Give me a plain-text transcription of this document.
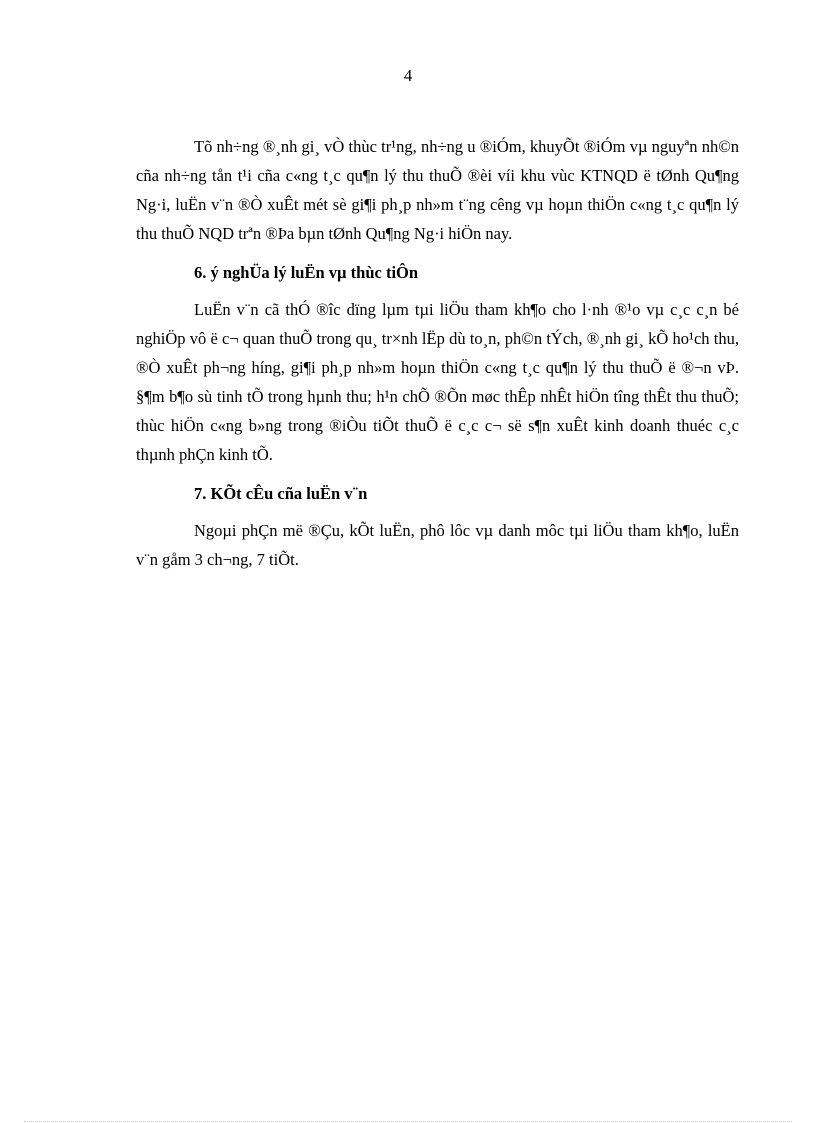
4

Tõ nh÷ng ®¸nh gi¸ vÒ thùc tr¹ng, nh÷ng u ®iÓm, khuyÕt ®iÓm vµ nguyªn nh©n cña nh÷ng tån t¹i cña c«ng t¸c qu¶n lý thu thuÕ ®èi víi khu vùc KTNQD ë tØnh Qu¶ng Ng·i, luËn v¨n ®Ò xuÊt mét sè gi¶i ph¸p nh»m t¨ng cêng vµ hoµn thiÖn c«ng t¸c qu¶n lý thu thuÕ NQD trªn ®Þa bµn tØnh Qu¶ng Ng·i hiÖn nay.

6. ý nghÜa lý luËn vµ thùc tiÔn

LuËn v¨n cã thÓ ®îc dïng lµm tµi liÖu tham kh¶o cho l·nh ®¹o vµ c¸c c¸n bé nghiÖp vô ë c¬ quan thuÕ trong qu¸ tr×nh lËp dù to¸n, ph©n tÝch, ®¸nh gi¸ kÕ ho¹ch thu, ®Ò xuÊt ph¬ng híng, gi¶i ph¸p nh»m hoµn thiÖn c«ng t¸c qu¶n lý thu thuÕ ë ®¬n vÞ. §¶m b¶o sù tinh tÕ trong hµnh thu; h¹n chÕ ®Õn møc thÊp nhÊt hiÖn tîng thÊt thu thuÕ; thùc hiÖn c«ng b»ng trong ®iÒu tiÕt thuÕ ë c¸c c¬ së s¶n xuÊt kinh doanh thuéc c¸c thµnh phÇn kinh tÕ.

7. KÕt cÊu cña luËn v¨n

Ngoµi phÇn më ®Çu, kÕt luËn, phô lôc vµ danh môc tµi liÖu tham kh¶o, luËn v¨n gåm 3 ch¬ng, 7 tiÕt.
